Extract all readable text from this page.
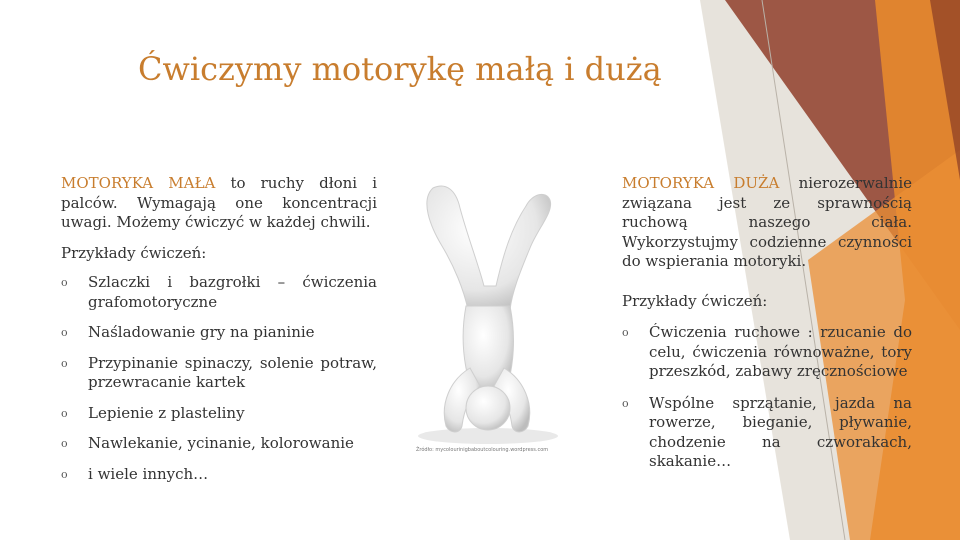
Ćwiczymy motorykę małą i dużą

MOTORYKA MAŁA to ruchy dłoni i palców. Wymagają one koncentracji uwagi. Możemy ćwiczyć w każdej chwili.

Przykłady ćwiczeń:

o Szlaczki i bazgrołki – ćwiczenia grafomotoryczne
o Naśladowanie gry na pianinie
o Przypinanie spinaczy, solenie potraw, przewracanie kartek
o Lepienie z plasteliny
o Nawlekanie, ycinanie, kolorowanie
o i wiele innych…
Źródło: mycolourinigbaboutcolouring.wordpress.com

MOTORYKA DUŻA nierozerwalnie związana jest ze sprawnością ruchową naszego ciała. Wykorzystujmy codzienne czynności do wspierania motoryki.

Przykłady ćwiczeń:

o Ćwiczenia ruchowe : rzucanie do celu, ćwiczenia równoważne, tory przeszkód, zabawy zręcznościowe
o Wspólne sprzątanie, jazda na rowerze, bieganie, pływanie, chodzenie na czworakach, skakanie…
